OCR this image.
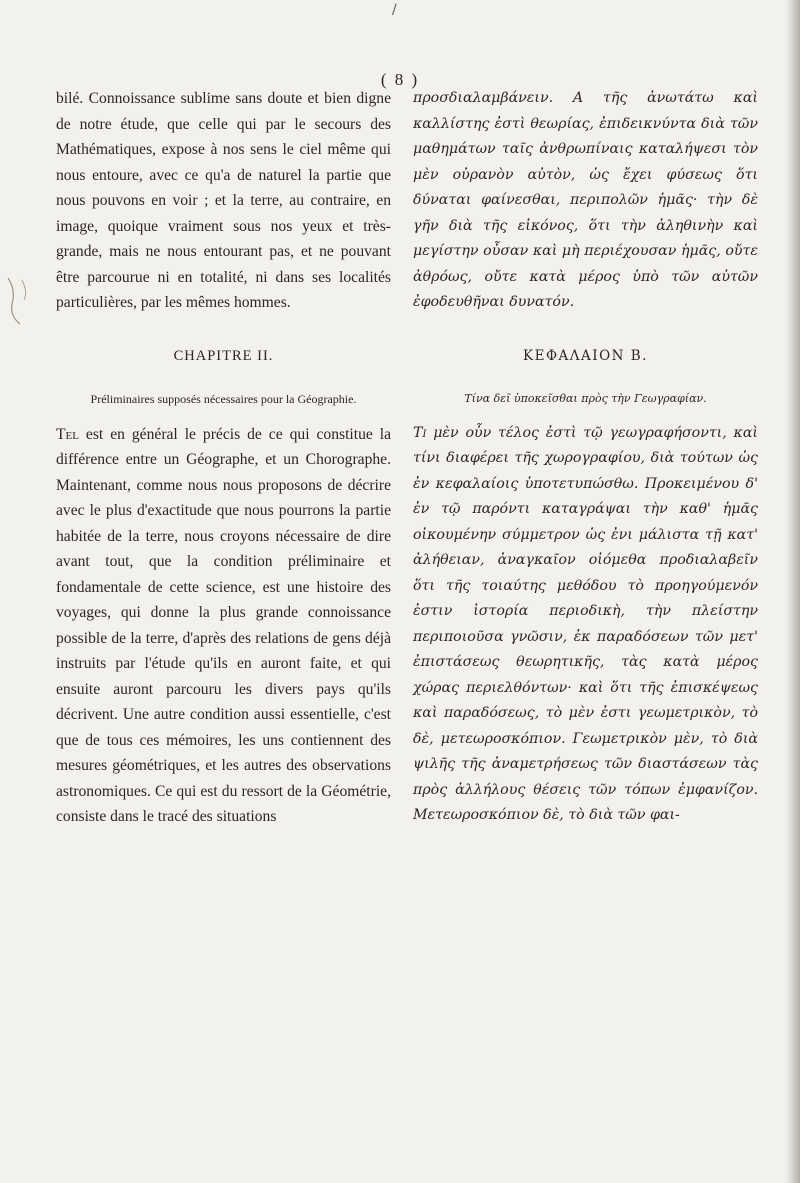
/
( 8 )

bilé. Connoissance sublime sans doute et bien digne de notre étude, que celle qui par le secours des Mathématiques, expose à nos sens le ciel même qui nous entoure, avec ce qu'a de naturel la partie que nous pouvons en voir ; et la terre, au contraire, en image, quoique vraiment sous nos yeux et très-grande, mais ne nous entourant pas, et ne pouvant être parcourue ni en totalité, ni dans ses localités particulières, par les mêmes hommes.

CHAPITRE II.
Préliminaires supposés nécessaires pour la Géographie.

Tel est en général le précis de ce qui constitue la différence entre un Géographe, et un Chorographe. Maintenant, comme nous nous proposons de décrire avec le plus d'exactitude que nous pourrons la partie habitée de la terre, nous croyons nécessaire de dire avant tout, que la condition préliminaire et fondamentale de cette science, est une histoire des voyages, qui donne la plus grande connoissance possible de la terre, d'après des relations de gens déjà instruits par l'étude qu'ils en auront faite, et qui ensuite auront parcouru les divers pays qu'ils décrivent. Une autre condition aussi essentielle, c'est que de tous ces mémoires, les uns contiennent des mesures géométriques, et les autres des observations astronomiques. Ce qui est du ressort de la Géométrie, consiste dans le tracé des situations

προσδιαλαμβάνειν. Α τῆς ἀνωτάτω καὶ καλλίστης ἐστὶ θεωρίας, ἐπιδεικνύντα διὰ τῶν μαθημάτων ταῖς ἀνθρωπίναις καταλήψεσι τὸν μὲν οὐρανὸν αὐτὸν, ὡς ἔχει φύσεως ὅτι δύναται φαίνεσθαι, περιπολῶν ἡμᾶς· τὴν δὲ γῆν διὰ τῆς εἰκόνος, ὅτι τὴν ἀληθινὴν καὶ μεγίστην οὖσαν καὶ μὴ περιέχουσαν ἡμᾶς, οὔτε ἀθρόως, οὔτε κατὰ μέρος ὑπὸ τῶν αὐτῶν ἐφοδευθῆναι δυνατόν.

ΚΕΦΑΛΑΙΟΝ Β.
Τίνα δεῖ ὑποκεῖσθαι πρὸς τὴν Γεωγραφίαν.

Τι μὲν οὖν τέλος ἐστὶ τῷ γεωγραφήσοντι, καὶ τίνι διαφέρει τῆς χωρογραφίου, διὰ τούτων ὡς ἐν κεφαλαίοις ὑποτετυπώσθω. Προκειμένου δ' ἐν τῷ παρόντι καταγράψαι τὴν καθ' ἡμᾶς οἰκουμένην σύμμετρον ὡς ἐνι μάλιστα τῇ κατ' ἀλήθειαν, ἀναγκαῖον οἰόμεθα προδιαλαβεῖν ὅτι τῆς τοιαύτης μεθόδου τὸ προηγούμενόν ἐστιν ἱστορία περιοδικὴ, τὴν πλείστην περιποιοῦσα γνῶσιν, ἐκ παραδόσεων τῶν μετ' ἐπιστάσεως θεωρητικῆς, τὰς κατὰ μέρος χώρας περιελθόντων· καὶ ὅτι τῆς ἐπισκέψεως καὶ παραδόσεως, τὸ μὲν ἐστι γεωμετρικὸν, τὸ δὲ, μετεωροσκόπιον. Γεωμετρικὸν μὲν, τὸ διὰ ψιλῆς τῆς ἀναμετρήσεως τῶν διαστάσεων τὰς πρὸς ἀλλήλους θέσεις τῶν τόπων ἐμφανίζον. Μετεωροσκόπιον δὲ, τὸ διὰ τῶν φαι-
